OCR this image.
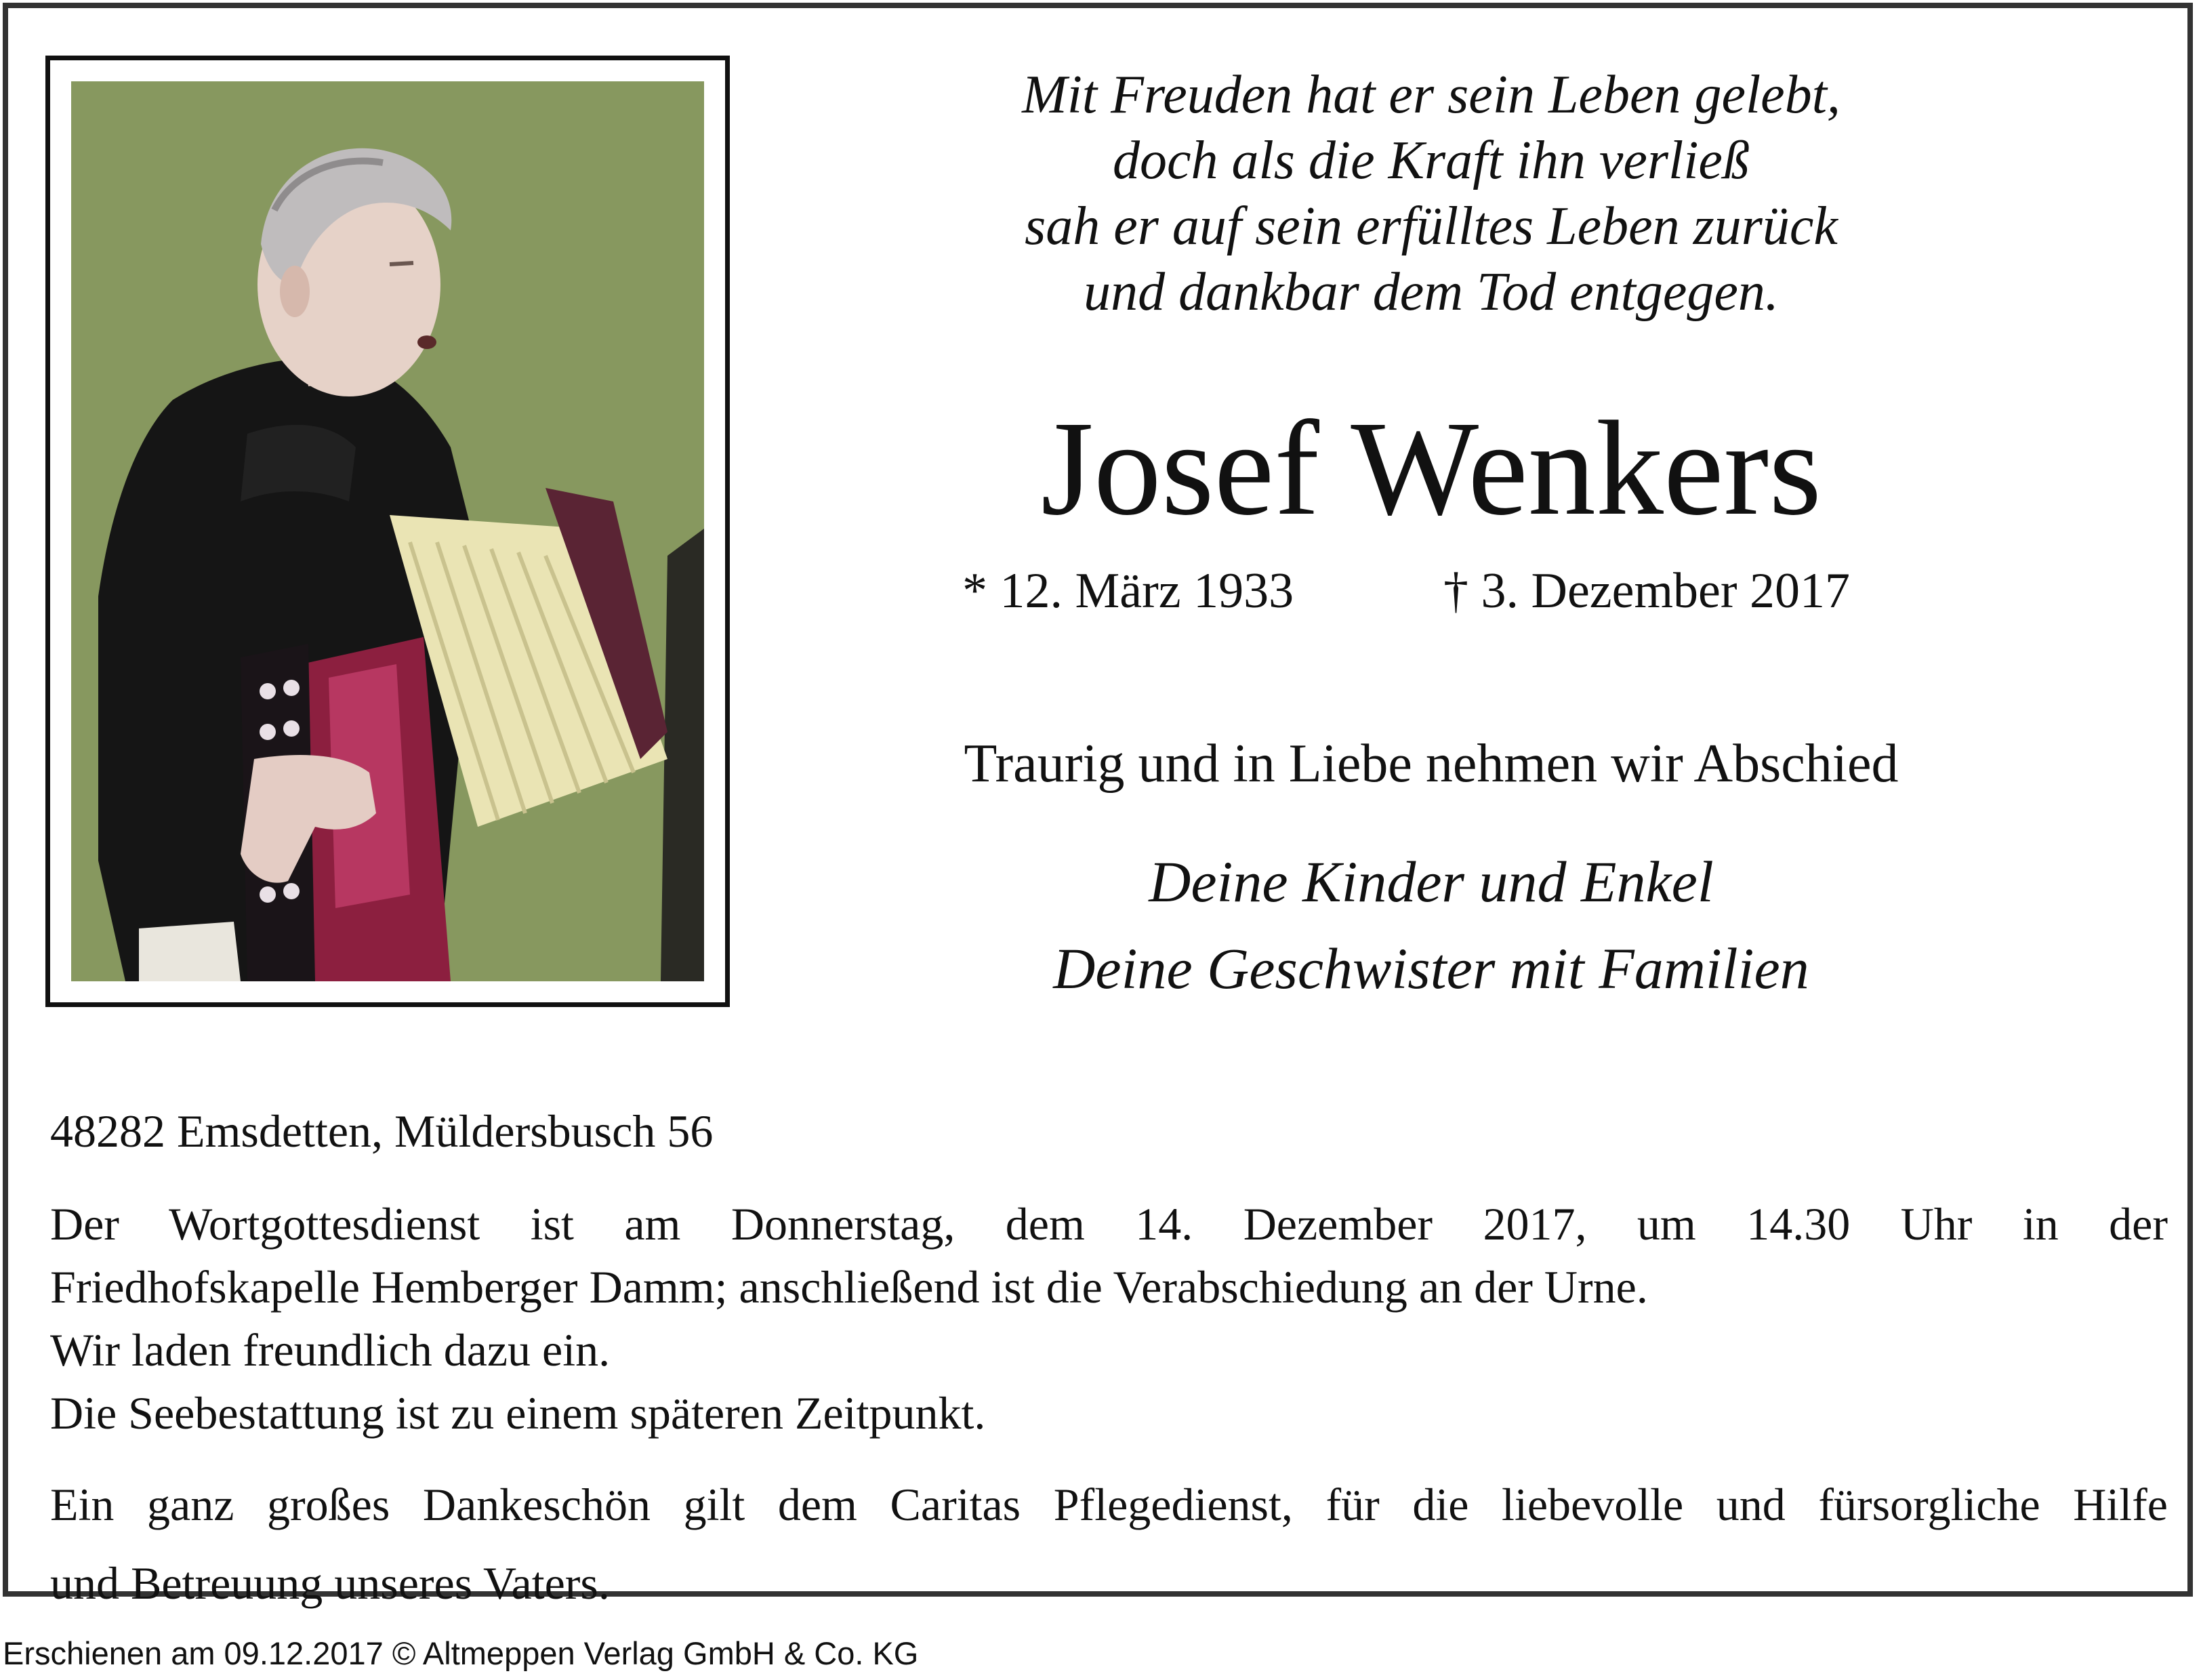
Mit Freuden hat er sein Leben gelebt,
doch als die Kraft ihn verließ
sah er auf sein erfülltes Leben zurück
und dankbar dem Tod entgegen.
Josef Wenkers
* 12. März 1933	† 3. Dezember 2017
Traurig und in Liebe nehmen wir Abschied
Deine Kinder und Enkel
Deine Geschwister mit Familien
48282 Emsdetten, Müldersbusch 56
Der Wortgottesdienst ist am Donnerstag, dem 14. Dezember 2017, um 14.30 Uhr in der
Friedhofskapelle Hemberger Damm; anschließend ist die Verabschiedung an der Urne.
Wir laden freundlich dazu ein.
Die Seebestattung ist zu einem späteren Zeitpunkt.
Ein ganz großes Dankeschön gilt dem Caritas Pflegedienst, für die liebevolle und fürsorgliche Hilfe
und Betreuung unseres Vaters.
Erschienen am 09.12.2017 © Altmeppen Verlag GmbH & Co. KG
